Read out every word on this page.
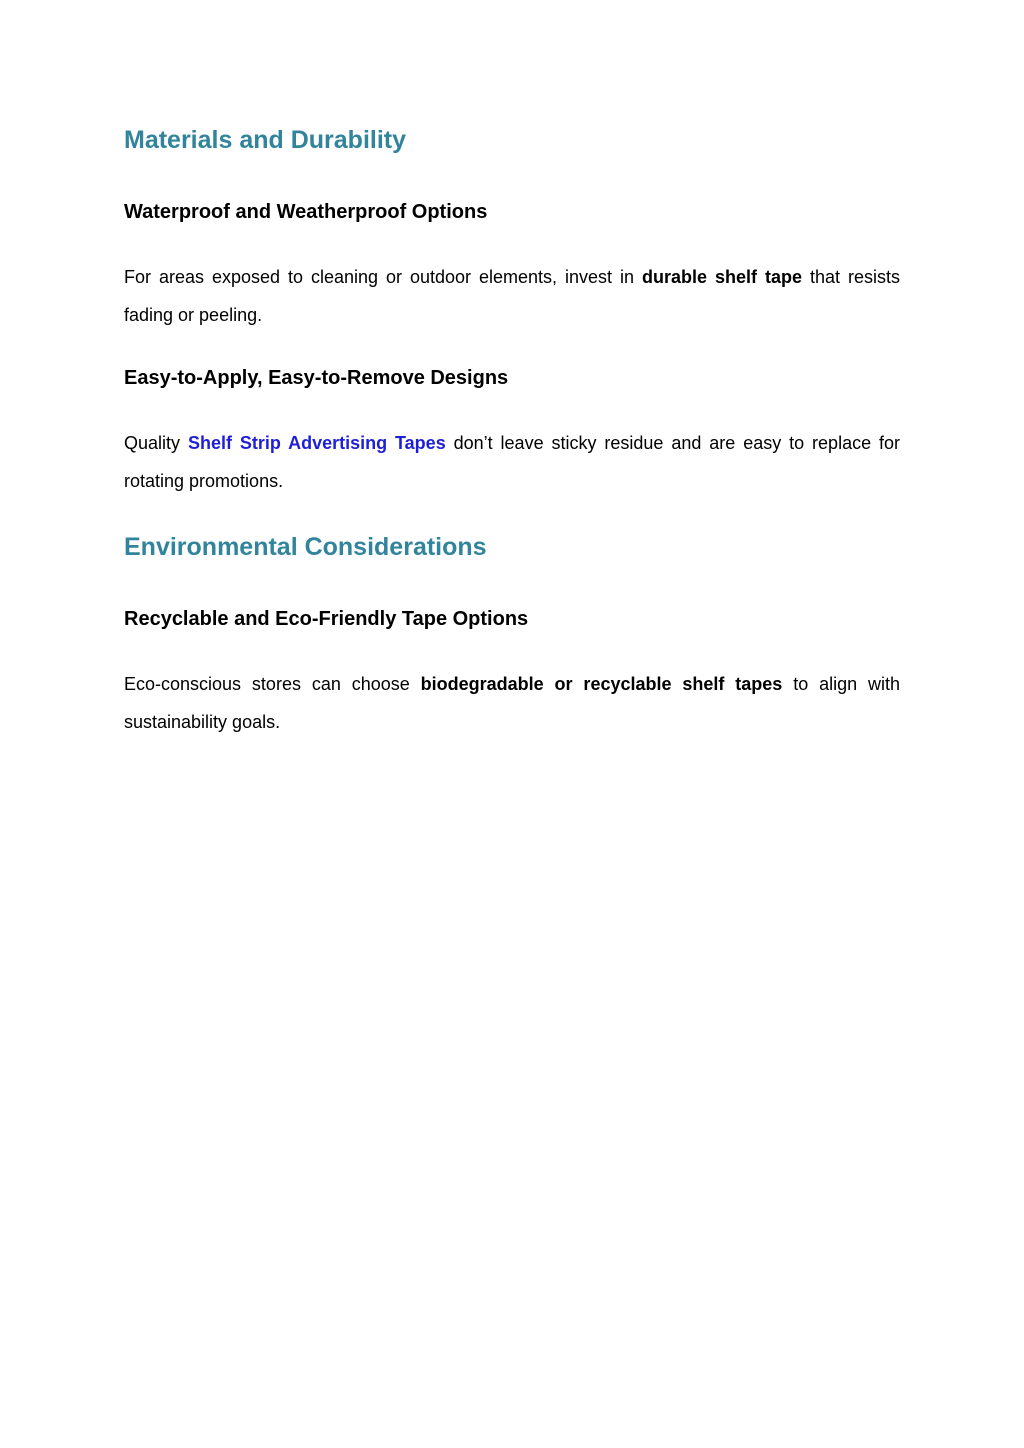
Materials and Durability
Waterproof and Weatherproof Options

For areas exposed to cleaning or outdoor elements, invest in durable shelf tape that resists fading or peeling.

Easy-to-Apply, Easy-to-Remove Designs

Quality Shelf Strip Advertising Tapes don’t leave sticky residue and are easy to replace for rotating promotions.

Environmental Considerations
Recyclable and Eco-Friendly Tape Options

Eco-conscious stores can choose biodegradable or recyclable shelf tapes to align with sustainability goals.
